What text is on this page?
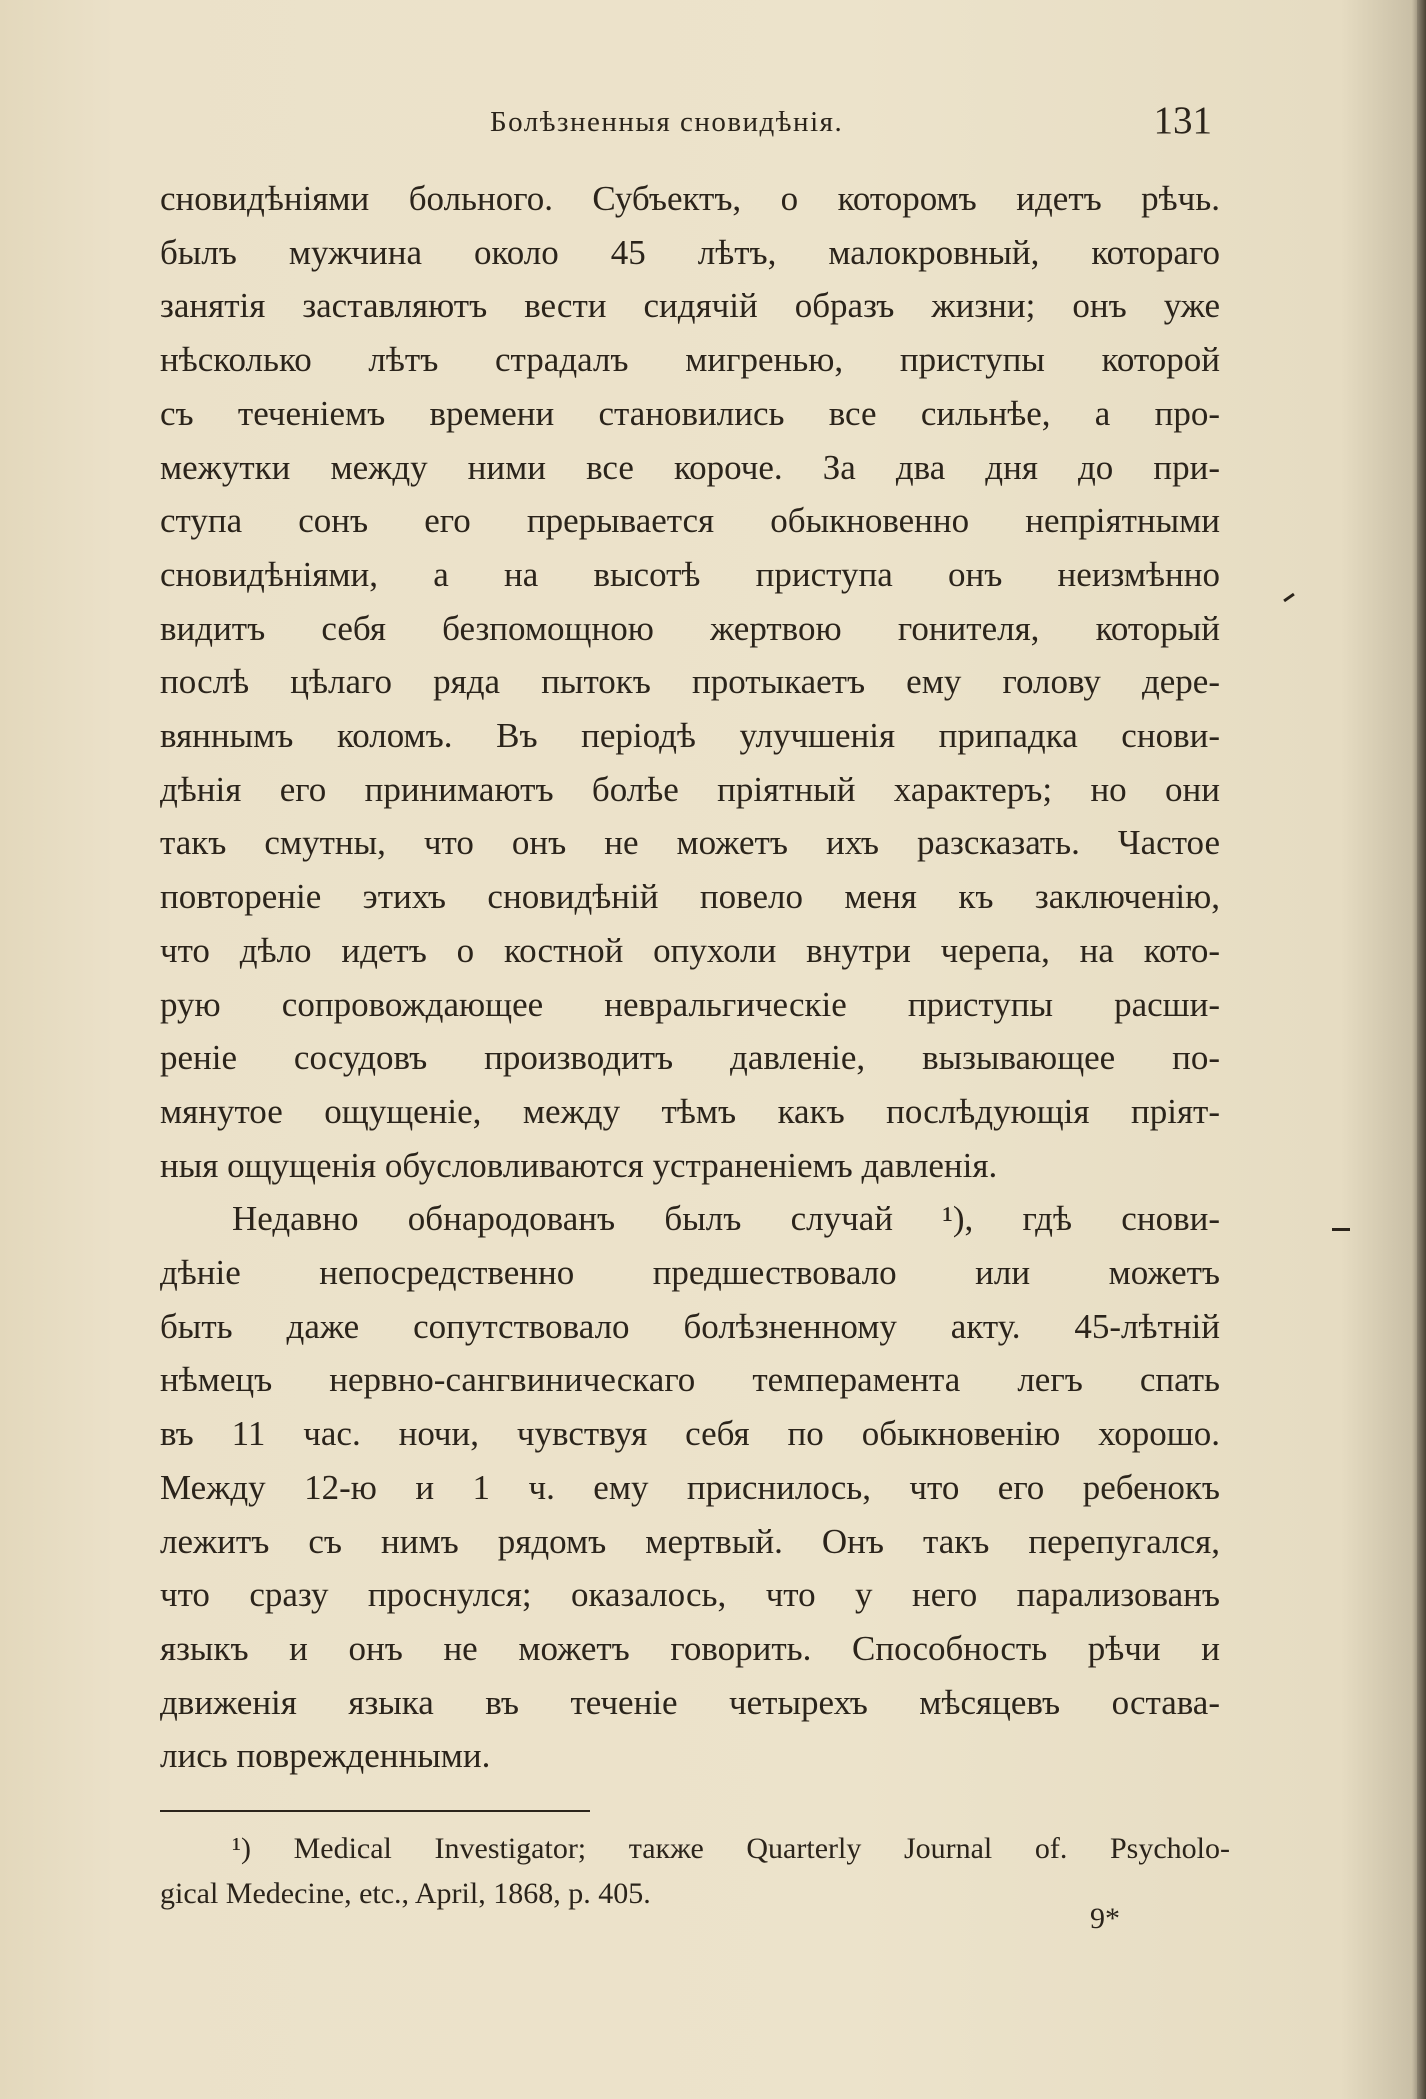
Болѣзненныя сновидѣнія.	131
сновидѣніями больного. Субъектъ, о которомъ идетъ рѣчь.
былъ мужчина около 45 лѣтъ, малокровный, котораго
занятія заставляютъ вести сидячій образъ жизни; онъ уже
нѣсколько лѣтъ страдалъ мигренью, приступы которой
съ теченіемъ времени становились все сильнѣе, а про-
межутки между ними все короче. За два дня до при-
ступа сонъ его прерывается обыкновенно непріятными
сновидѣніями, а на высотѣ приступа онъ неизмѣнно
видитъ себя безпомощною жертвою гонителя, который
послѣ цѣлаго ряда пытокъ протыкаетъ ему голову дере-
вяннымъ коломъ. Въ періодѣ улучшенія припадка снови-
дѣнія его принимаютъ болѣе пріятный характеръ; но они
такъ смутны, что онъ не можетъ ихъ разсказать. Частое
повтореніе этихъ сновидѣній повело меня къ заключенію,
что дѣло идетъ о костной опухоли внутри черепа, на кото-
рую сопровождающее невральгическіе приступы расши-
реніе сосудовъ производитъ давленіе, вызывающее по-
мянутое ощущеніе, между тѣмъ какъ послѣдующія пріят-
ныя ощущенія обусловливаются устраненіемъ давленія.
Недавно обнародованъ былъ случай ¹), гдѣ снови-
дѣніе непосредственно предшествовало или можетъ
быть даже сопутствовало болѣзненному акту. 45-лѣтній
нѣмецъ нервно-сангвиническаго темперамента легъ спать
въ 11 час. ночи, чувствуя себя по обыкновенію хорошо.
Между 12-ю и 1 ч. ему приснилось, что его ребенокъ
лежитъ съ нимъ рядомъ мертвый. Онъ такъ перепугался,
что сразу проснулся; оказалось, что у него парализованъ
языкъ и онъ не можетъ говорить. Способность рѣчи и
движенія языка въ теченіе четырехъ мѣсяцевъ остава-
лись поврежденными.
¹) Medical Investigator; также Quarterly Journal of. Psycholo-
gical Medecine, etc., April, 1868, p. 405.
9*
